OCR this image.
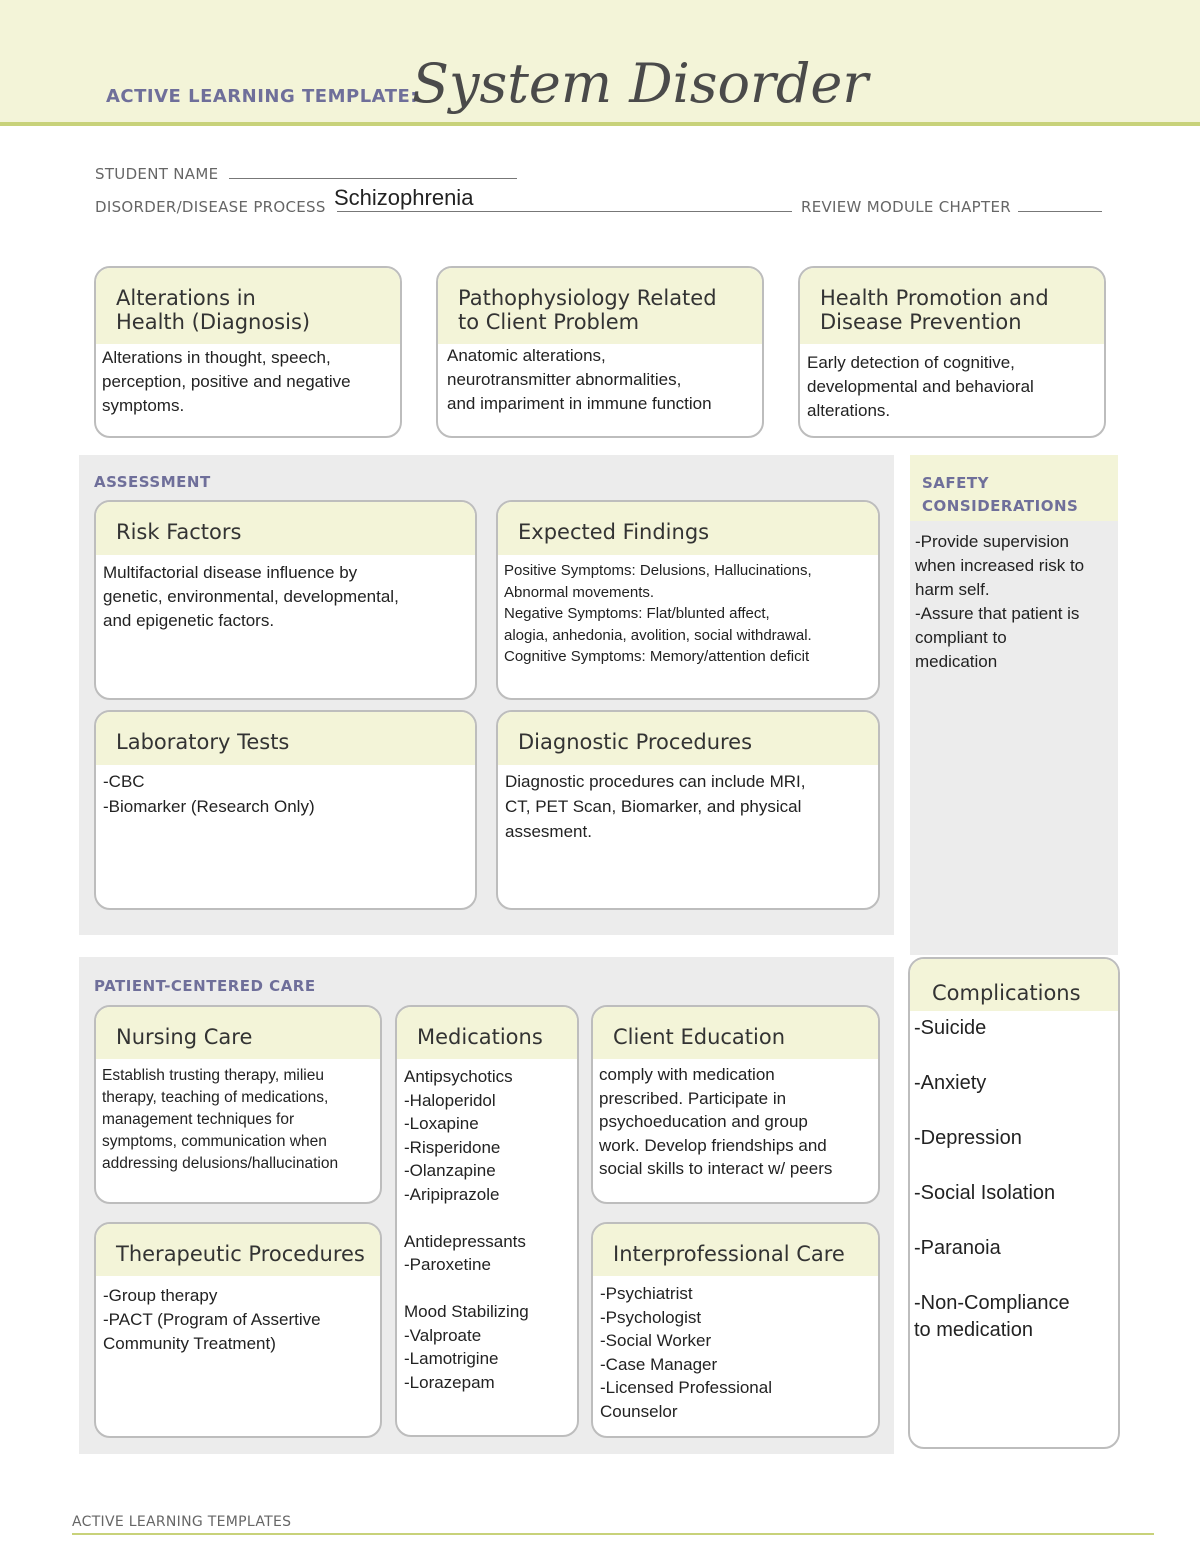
ACTIVE LEARNING TEMPLATE:
System Disorder
STUDENT NAME
DISORDER/DISEASE PROCESS Schizophrenia	REVIEW MODULE CHAPTER
Alterations in
Health (Diagnosis)
Alterations in thought, speech,
perception, positive and negative
symptoms.
Pathophysiology Related
to Client Problem
Anatomic alterations,
neurotransmitter abnormalities,
and impariment in immune function
Health Promotion and
Disease Prevention
Early detection of cognitive,
developmental and behavioral
alterations.
ASSESSMENT
Risk Factors
Multifactorial disease influence by
genetic, environmental, developmental,
and epigenetic factors.
Expected Findings
Positive Symptoms: Delusions, Hallucinations,
Abnormal movements.
Negative Symptoms: Flat/blunted affect,
alogia, anhedonia, avolition, social withdrawal.
Cognitive Symptoms: Memory/attention deficit
Laboratory Tests
-CBC
-Biomarker (Research Only)
Diagnostic Procedures
Diagnostic procedures can include MRI,
CT, PET Scan, Biomarker, and physical
assesment.
SAFETY
CONSIDERATIONS
-Provide supervision
when increased risk to
harm self.
-Assure that patient is
compliant to
medication
PATIENT-CENTERED CARE
Nursing Care
Establish trusting therapy, milieu
therapy, teaching of medications,
management techniques for
symptoms, communication when
addressing delusions/hallucination
Medications
Antipsychotics
-Haloperidol
-Loxapine
-Risperidone
-Olanzapine
-Aripiprazole

Antidepressants
-Paroxetine

Mood Stabilizing
-Valproate
-Lamotrigine
-Lorazepam
Client Education
comply with medication
prescribed. Participate in
psychoeducation and group
work. Develop friendships and
social skills to interact w/ peers
Therapeutic Procedures
-Group therapy
-PACT (Program of Assertive
Community Treatment)
Interprofessional Care
-Psychiatrist
-Psychologist
-Social Worker
-Case Manager
-Licensed Professional
Counselor
Complications
-Suicide
-Anxiety
-Depression
-Social Isolation
-Paranoia
-Non-Compliance
to medication
ACTIVE LEARNING TEMPLATES
